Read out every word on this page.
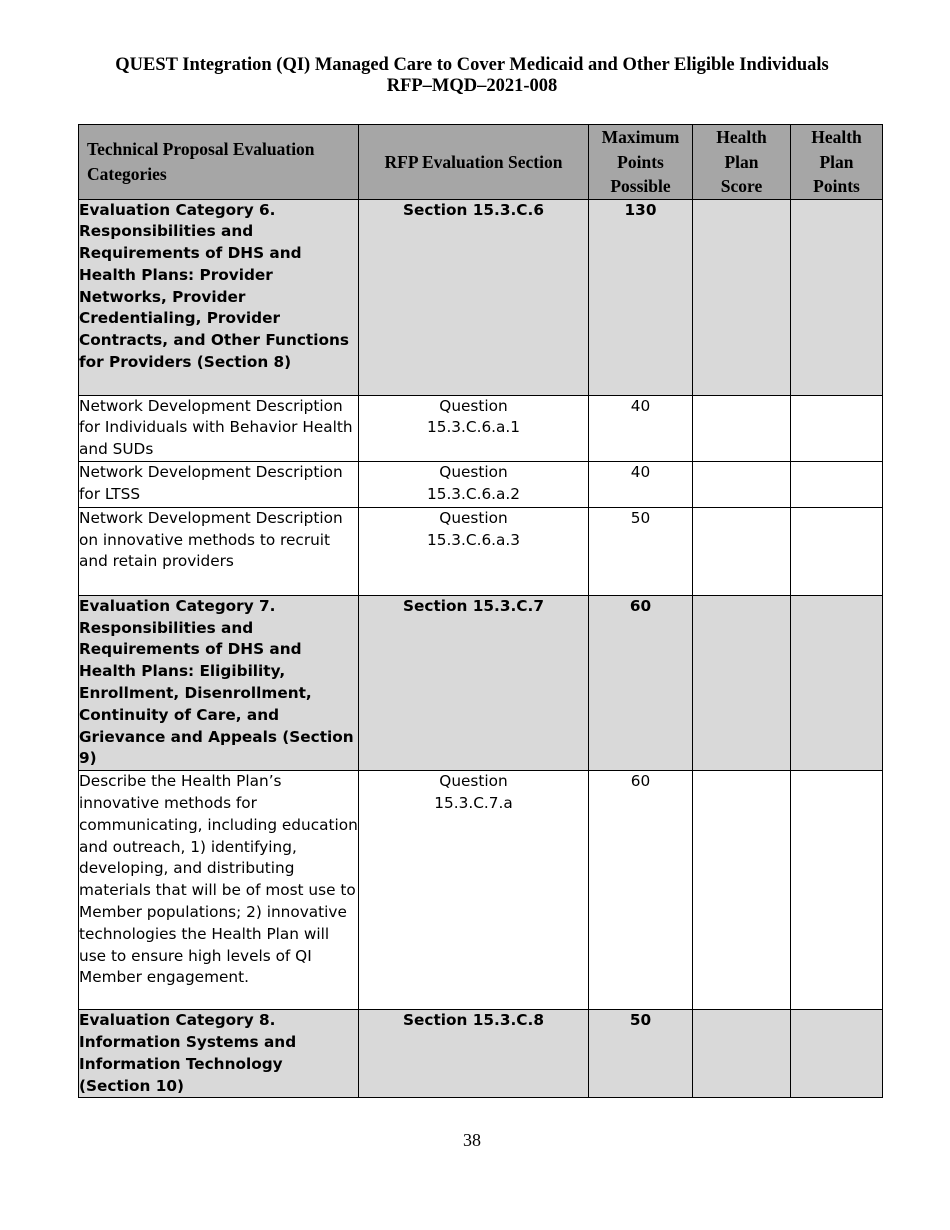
QUEST Integration (QI) Managed Care to Cover Medicaid and Other Eligible Individuals
RFP–MQD–2021-008
Technical Proposal Evaluation Categories	RFP Evaluation Section	Maximum Points Possible	Health Plan Score	Health Plan Points
Evaluation Category 6. Responsibilities and Requirements of DHS and Health Plans: Provider Networks, Provider Credentialing, Provider Contracts, and Other Functions for Providers (Section 8)	Section 15.3.C.6	130		
Network Development Description for Individuals with Behavior Health and SUDs	Question 15.3.C.6.a.1	40		
Network Development Description for LTSS	Question 15.3.C.6.a.2	40		
Network Development Description on innovative methods to recruit and retain providers	Question 15.3.C.6.a.3	50		
Evaluation Category 7. Responsibilities and Requirements of DHS and Health Plans: Eligibility, Enrollment, Disenrollment, Continuity of Care, and Grievance and Appeals (Section 9)	Section 15.3.C.7	60		
Describe the Health Plan’s innovative methods for communicating, including education and outreach, 1) identifying, developing, and distributing materials that will be of most use to Member populations; 2) innovative technologies the Health Plan will use to ensure high levels of QI Member engagement.	Question 15.3.C.7.a	60		
Evaluation Category 8. Information Systems and Information Technology (Section 10)	Section 15.3.C.8	50		
38
